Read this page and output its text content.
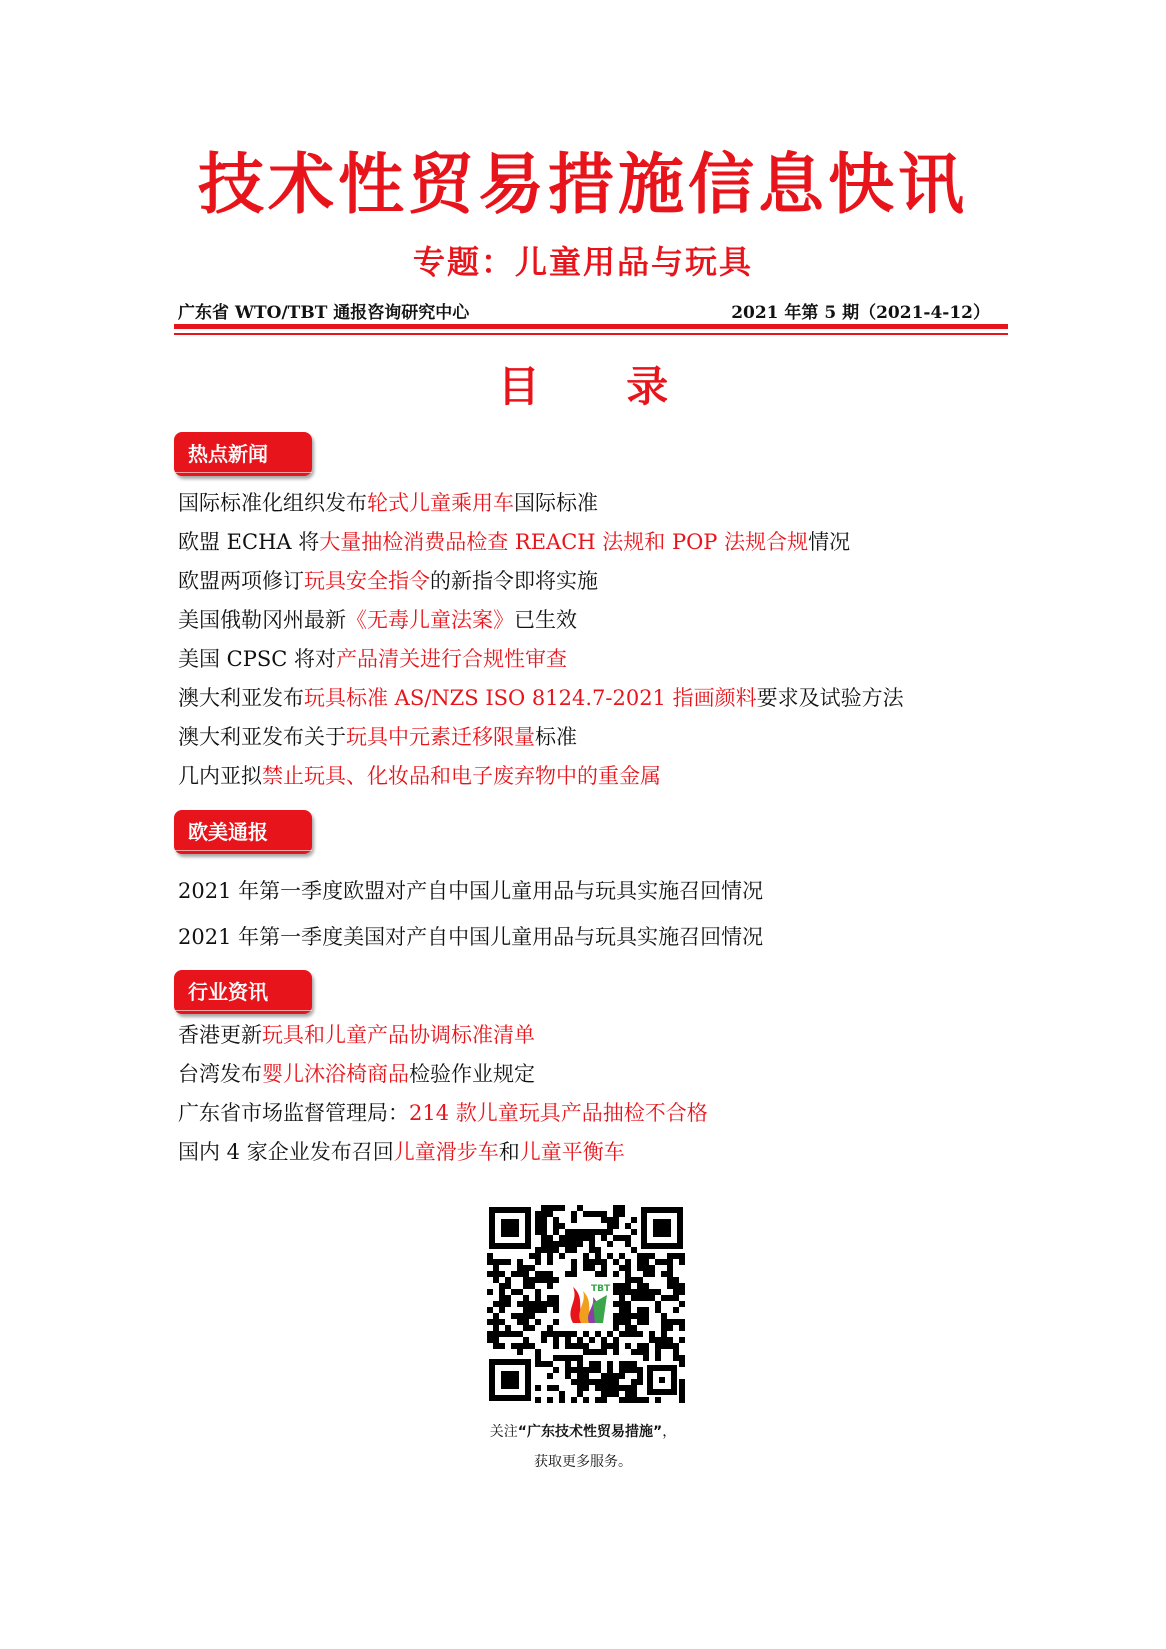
技术性贸易措施信息快讯
专题：儿童用品与玩具
广东省 WTO/TBT 通报咨询研究中心	2021 年第 5 期（2021-4-12）
目 录
热点新闻
国际标准化组织发布轮式儿童乘用车国际标准
欧盟 ECHA 将大量抽检消费品检查 REACH 法规和 POP 法规合规情况
欧盟两项修订玩具安全指令的新指令即将实施
美国俄勒冈州最新《无毒儿童法案》已生效
美国 CPSC 将对产品清关进行合规性审查
澳大利亚发布玩具标准 AS/NZS ISO 8124.7-2021 指画颜料要求及试验方法
澳大利亚发布关于玩具中元素迁移限量标准
几内亚拟禁止玩具、化妆品和电子废弃物中的重金属
欧美通报
2021 年第一季度欧盟对产自中国儿童用品与玩具实施召回情况
2021 年第一季度美国对产自中国儿童用品与玩具实施召回情况
行业资讯
香港更新玩具和儿童产品协调标准清单
台湾发布婴儿沐浴椅商品检验作业规定
广东省市场监督管理局：214 款儿童玩具产品抽检不合格
国内 4 家企业发布召回儿童滑步车和儿童平衡车
TBT
关注“广东技术性贸易措施”，
获取更多服务。
